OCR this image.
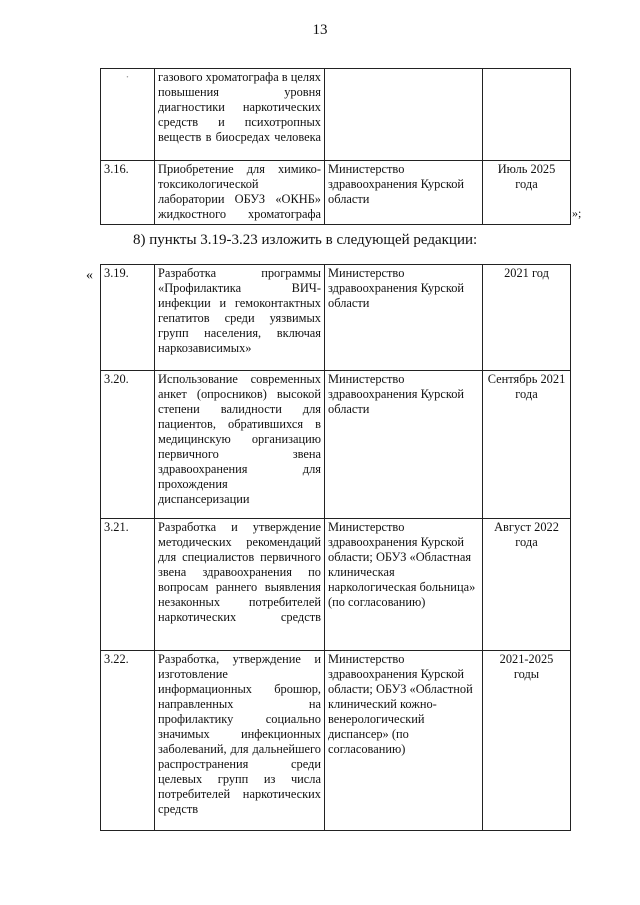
13
·	газового хроматографа в целях повышения уровня диагностики наркотических средств и психотропных веществ в биосредах человека		
3.16.	Приобретение для химико-токсикологической лаборатории ОБУЗ «ОКНБ» жидкостного хроматографа	Министерство здравоохранения Курской области	Июль 2025 года
»;
8) пункты 3.19-3.23 изложить в следующей редакции:
« 3.19.	Разработка программы «Профилактика ВИЧ-инфекции и гемоконтактных гепатитов среди уязвимых групп населения, включая наркозависимых»	Министерство здравоохранения Курской области	2021 год
3.20.	Использование современных анкет (опросников) высокой степени валидности для пациентов, обратившихся в медицинскую организацию первичного звена здравоохранения для прохождения диспансеризации	Министерство здравоохранения Курской области	Сентябрь 2021 года
3.21.	Разработка и утверждение методических рекомендаций для специалистов первичного звена здравоохранения по вопросам раннего выявления незаконных потребителей наркотических средств	Министерство здравоохранения Курской области; ОБУЗ «Областная клиническая наркологическая больница» (по согласованию)	Август 2022 года
3.22.	Разработка, утверждение и изготовление информационных брошюр, направленных на профилактику социально значимых инфекционных заболеваний, для дальнейшего распространения среди целевых групп из числа потребителей наркотических средств	Министерство здравоохранения Курской области; ОБУЗ «Областной клинический кожно-венерологический диспансер» (по согласованию)	2021-2025 годы
